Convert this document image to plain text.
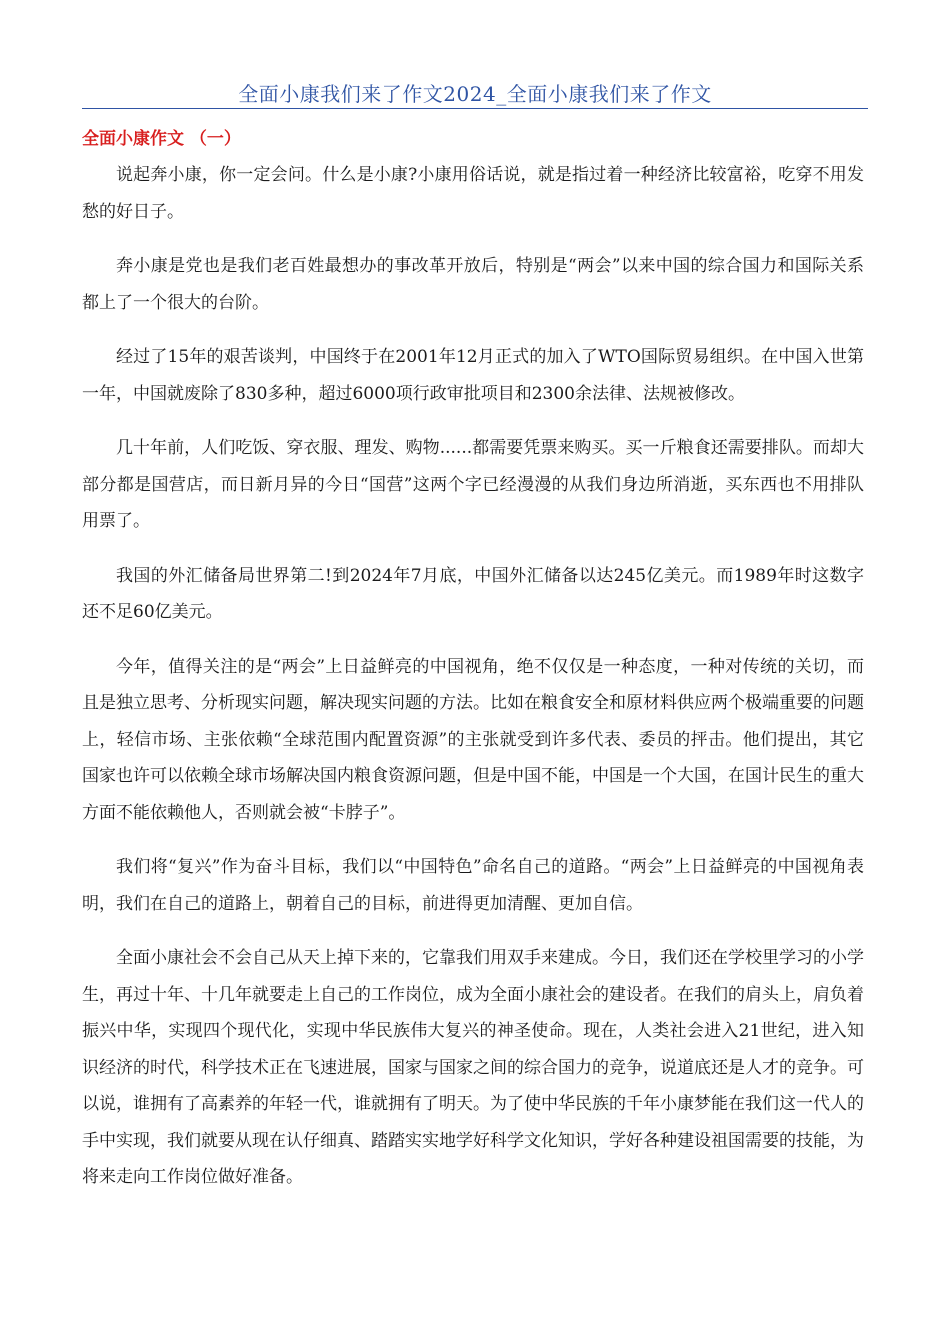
全面小康我们来了作文2024_全面小康我们来了作文
全面小康作文 （一）

说起奔小康，你一定会问。什么是小康?小康用俗话说，就是指过着一种经济比较富裕，吃穿不用发愁的好日子。

奔小康是党也是我们老百姓最想办的事改革开放后，特别是“两会”以来中国的综合国力和国际关系都上了一个很大的台阶。

经过了15年的艰苦谈判，中国终于在2001年12月正式的加入了WTO国际贸易组织。在中国入世第一年，中国就废除了830多种，超过6000项行政审批项目和2300余法律、法规被修改。

几十年前，人们吃饭、穿衣服、理发、购物......都需要凭票来购买。买一斤粮食还需要排队。而却大部分都是国营店，而日新月异的今日“国营”这两个字已经漫漫的从我们身边所消逝，买东西也不用排队用票了。

我国的外汇储备局世界第二!到2024年7月底，中国外汇储备以达245亿美元。而1989年时这数字还不足60亿美元。

今年，值得关注的是“两会”上日益鲜亮的中国视角，绝不仅仅是一种态度，一种对传统的关切，而且是独立思考、分析现实问题，解决现实问题的方法。比如在粮食安全和原材料供应两个极端重要的问题上，轻信市场、主张依赖“全球范围内配置资源”的主张就受到许多代表、委员的抨击。他们提出，其它国家也许可以依赖全球市场解决国内粮食资源问题，但是中国不能，中国是一个大国，在国计民生的重大方面不能依赖他人，否则就会被“卡脖子”。

我们将“复兴”作为奋斗目标，我们以“中国特色”命名自己的道路。“两会”上日益鲜亮的中国视角表明，我们在自己的道路上，朝着自己的目标，前进得更加清醒、更加自信。

全面小康社会不会自己从天上掉下来的，它靠我们用双手来建成。今日，我们还在学校里学习的小学生，再过十年、十几年就要走上自己的工作岗位，成为全面小康社会的建设者。在我们的肩头上，肩负着振兴中华，实现四个现代化，实现中华民族伟大复兴的神圣使命。现在，人类社会进入21世纪，进入知识经济的时代，科学技术正在飞速进展，国家与国家之间的综合国力的竞争，说道底还是人才的竞争。可以说，谁拥有了高素养的年轻一代，谁就拥有了明天。为了使中华民族的千年小康梦能在我们这一代人的手中实现，我们就要从现在认仔细真、踏踏实实地学好科学文化知识，学好各种建设祖国需要的技能，为将来走向工作岗位做好准备。
